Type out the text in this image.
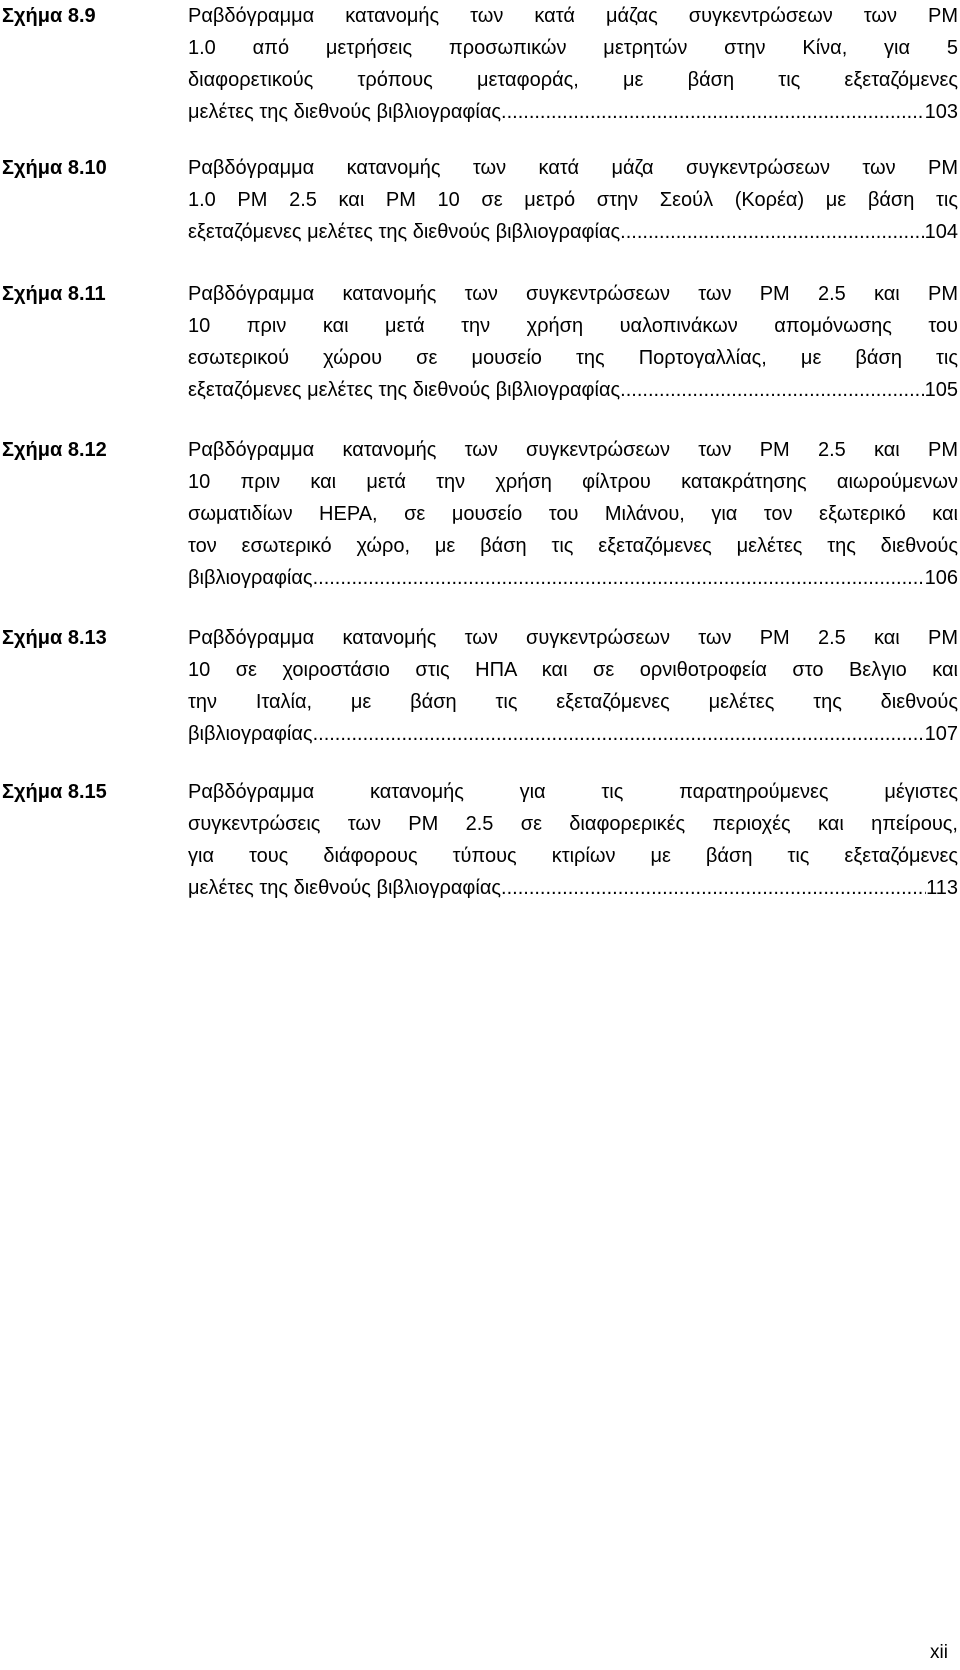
Σχήμα 8.9	Ραβδόγραμμα κατανομής των κατά μάζας συγκεντρώσεων των PM
1.0 από μετρήσεις προσωπικών μετρητών στην Κίνα, για 5
διαφορετικούς τρόπους μεταφοράς, με βάση τις εξεταζόμενες
μελέτες της διεθνούς βιβλιογραφίας. .....	103
Σχήμα 8.10	Ραβδόγραμμα κατανομής των κατά μάζα συγκεντρώσεων των PM
1.0 PM 2.5 και PM 10 σε μετρό στην Σεούλ (Κορέα) με βάση τις
εξεταζόμενες μελέτες της διεθνούς βιβλιογραφίας. .....	104
Σχήμα 8.11	Ραβδόγραμμα κατανομής των συγκεντρώσεων των PM 2.5 και PM
10 πριν και μετά την χρήση υαλοπινάκων απομόνωσης του
εσωτερικού χώρου σε μουσείο της Πορτογαλλίας, με βάση τις
εξεταζόμενες μελέτες της διεθνούς βιβλιογραφίας. .....	105
Σχήμα 8.12	Ραβδόγραμμα κατανομής των συγκεντρώσεων των PM 2.5 και PM
10 πριν και μετά την χρήση φίλτρου κατακράτησης αιωρούμενων
σωματιδίων HEPA, σε μουσείο του Μιλάνου, για τον εξωτερικό και
τον εσωτερικό χώρο, με βάση τις εξεταζόμενες μελέτες της διεθνούς
βιβλιογραφίας. .....	106
Σχήμα 8.13	Ραβδόγραμμα κατανομής των συγκεντρώσεων των PM 2.5 και PM
10 σε χοιροστάσιο στις ΗΠΑ και σε ορνιθοτροφεία στο Βελγιο και
την Ιταλία, με βάση τις εξεταζόμενες μελέτες της διεθνούς
βιβλιογραφίας. .....	107
Σχήμα 8.15	Ραβδόγραμμα κατανομής για τις παρατηρούμενες μέγιστες
συγκεντρώσεις των PM 2.5 σε διαφορερικές περιοχές και ηπείρους,
για τους διάφορους τύπους κτιρίων με βάση τις εξεταζόμενες
μελέτες της διεθνούς βιβλιογραφίας. .....	113
xii
